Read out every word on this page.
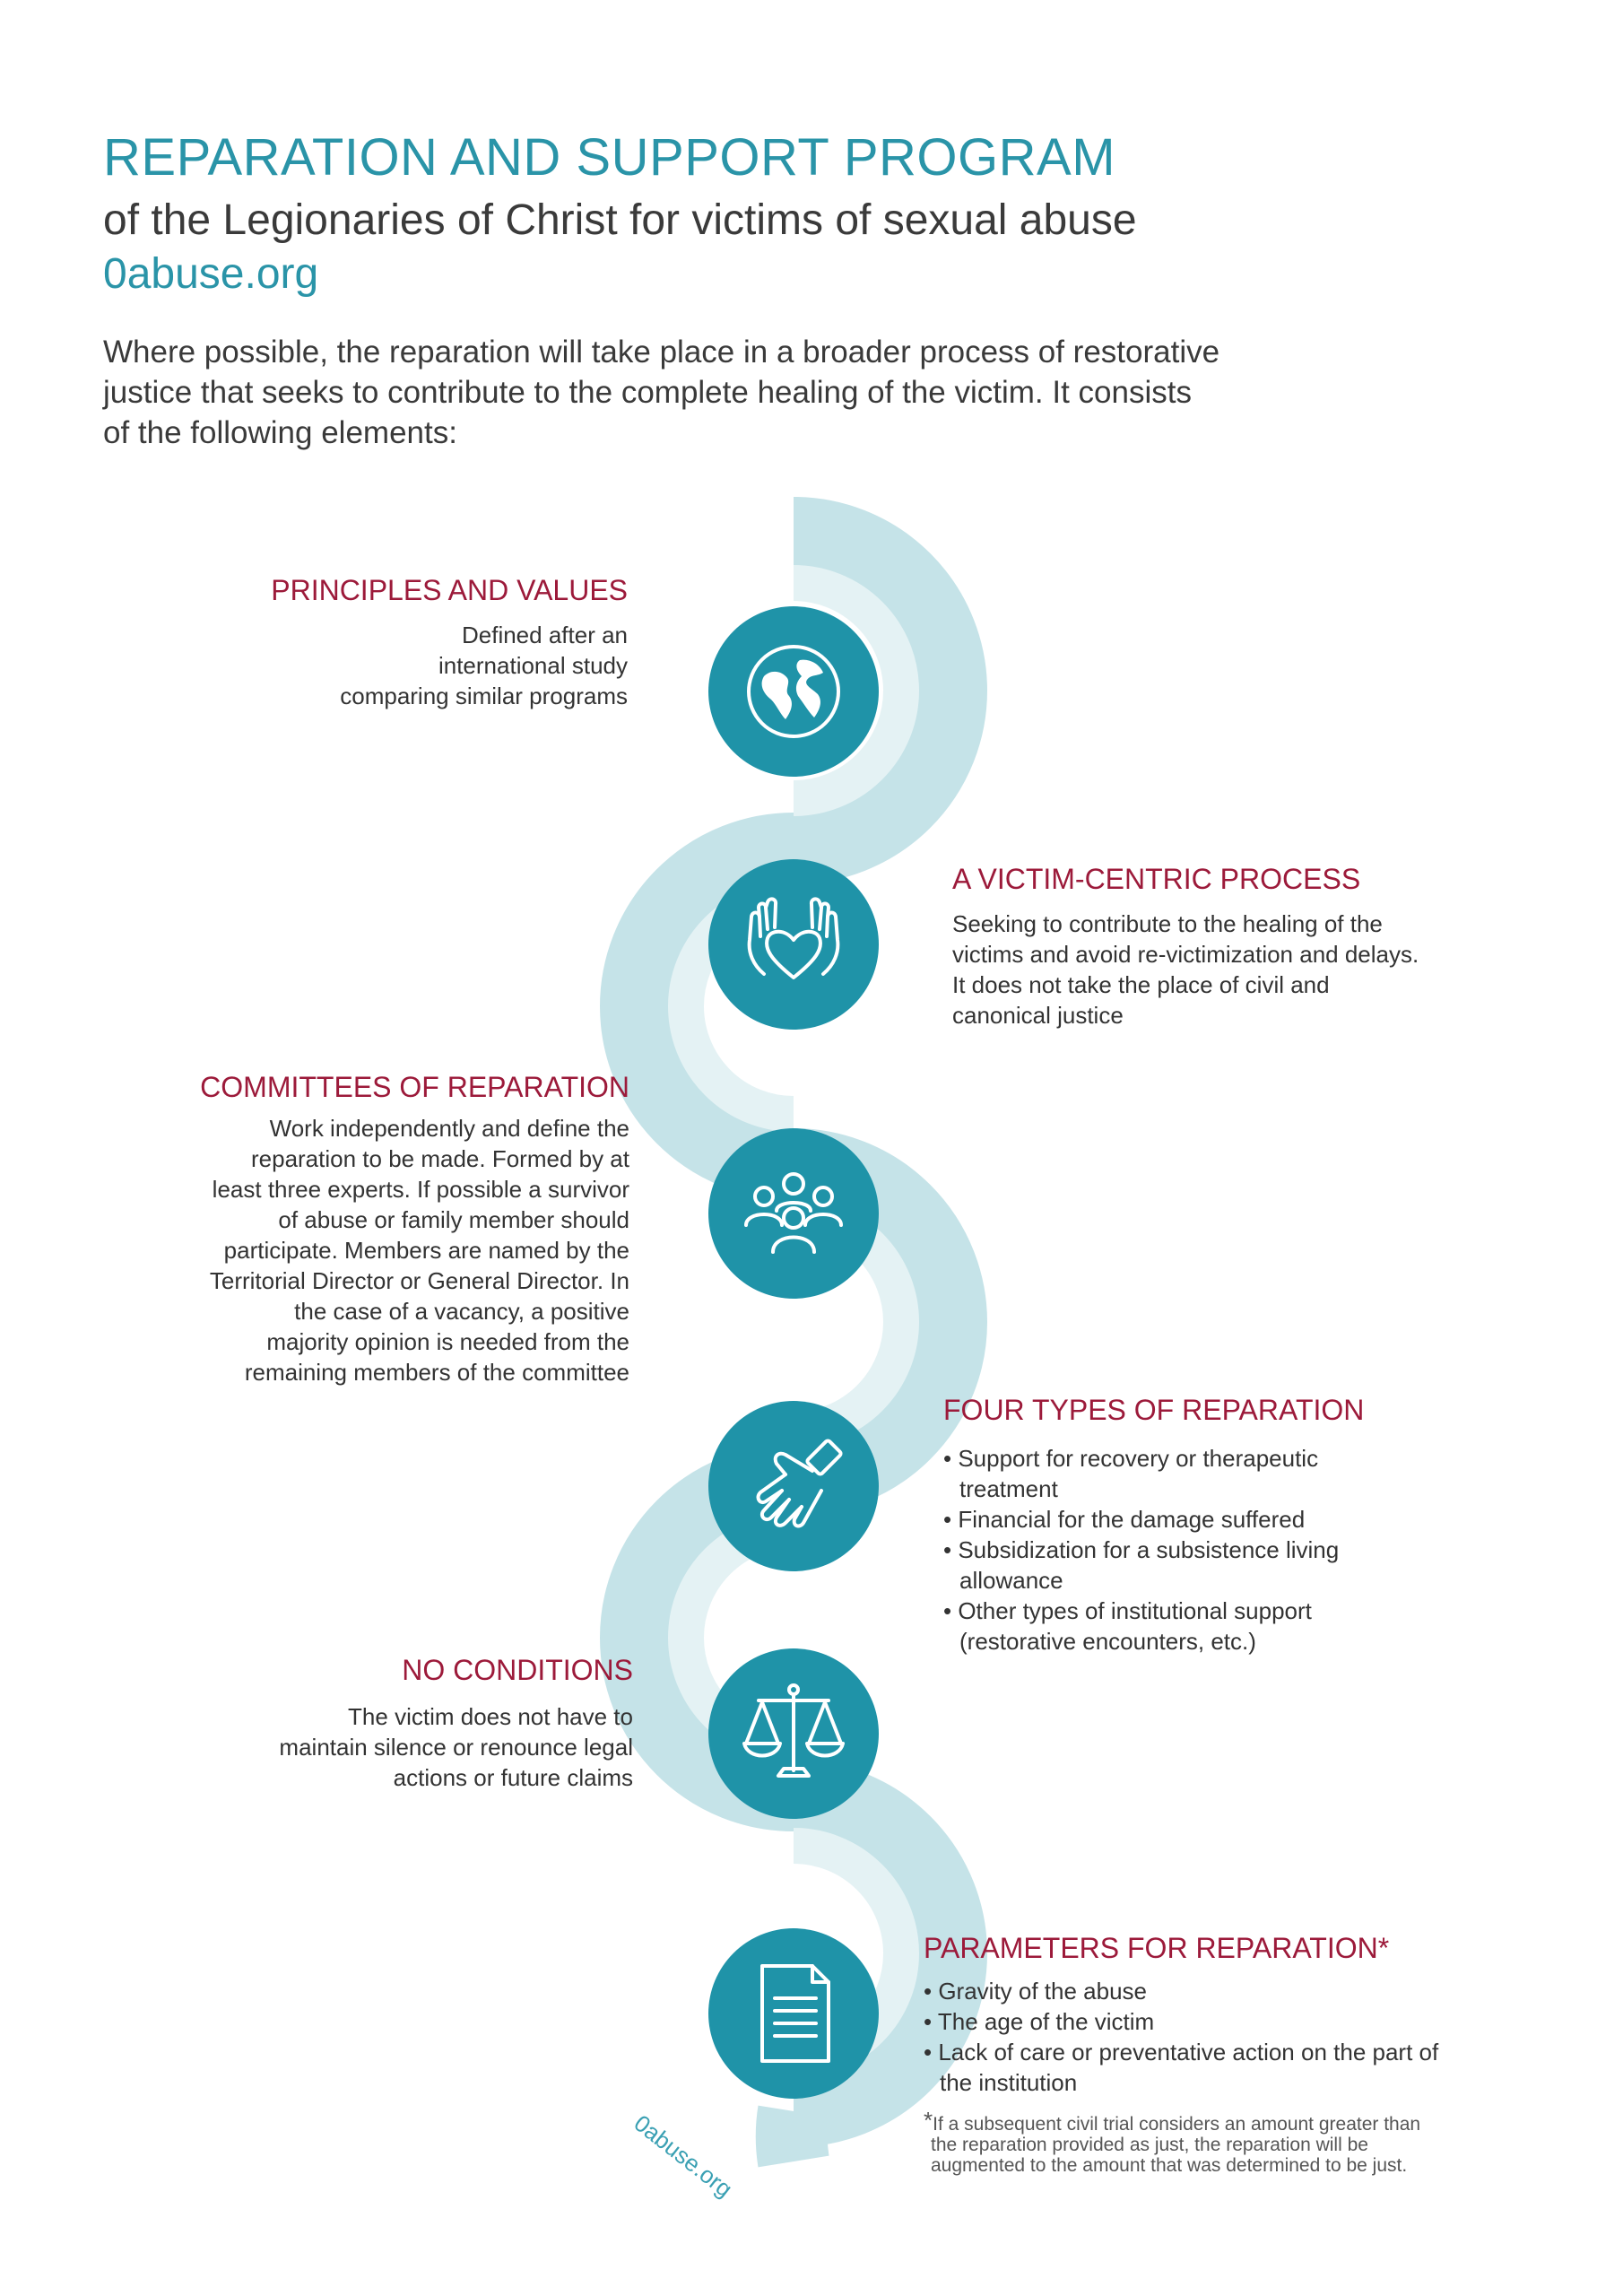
REPARATION AND SUPPORT PROGRAM
of the Legionaries of Christ for victims of sexual abuse
0abuse.org
Where possible, the reparation will take place in a broader process of restorative
justice that seeks to contribute to the complete healing of the victim. It consists
of the following elements:
0abuse.org
PRINCIPLES AND VALUES
Defined after an
international study
comparing similar programs
A VICTIM-CENTRIC PROCESS
Seeking to contribute to the healing of the
victims and avoid re-victimization and delays.
It does not take the place of civil and
canonical justice
COMMITTEES OF REPARATION
Work independently and define the
reparation to be made. Formed by at
least three experts. If possible a survivor
of abuse or family member should
participate. Members are named by the
Territorial Director or General Director. In
the case of a vacancy, a positive
majority opinion is needed from the
remaining members of the committee
FOUR TYPES OF REPARATION
• Support for recovery or therapeutic
treatment
• Financial for the damage suffered
• Subsidization for a subsistence living
allowance
• Other types of institutional support
(restorative encounters, etc.)
NO CONDITIONS
The victim does not have to
maintain silence or renounce legal
actions or future claims
PARAMETERS FOR REPARATION*
• Gravity of the abuse
• The age of the victim
• Lack of care or preventative action on the part of
the institution
*If a subsequent civil trial considers an amount greater than
the reparation provided as just, the reparation will be
augmented to the amount that was determined to be just.
